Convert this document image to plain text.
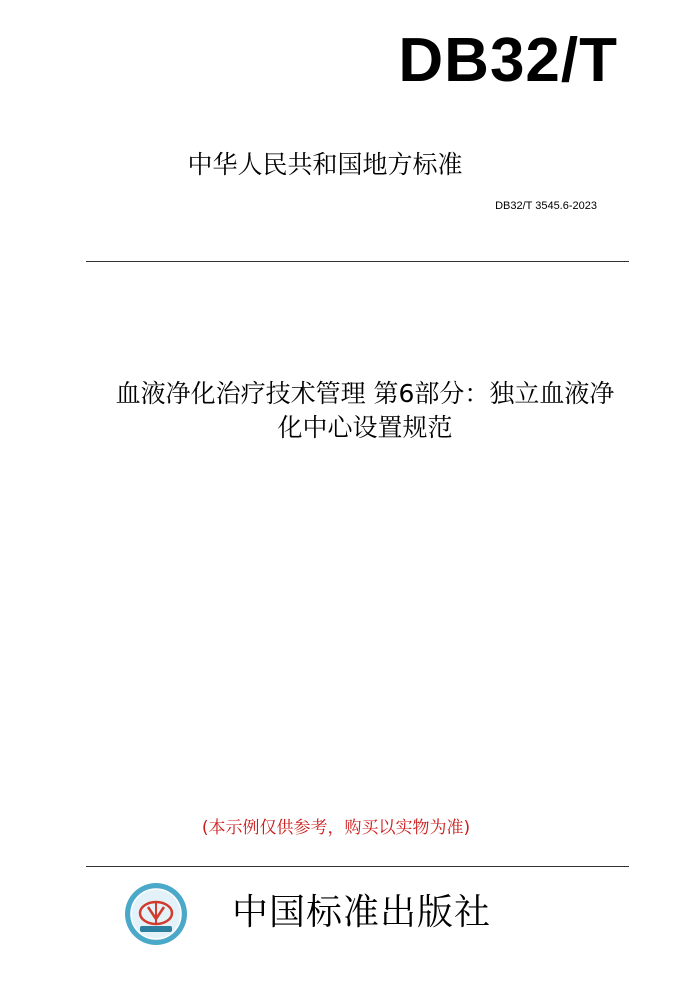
DB32/T
中华人民共和国地方标准
DB32/T 3545.6-2023
血液净化治疗技术管理 第6部分：独立血液净
化中心设置规范
(本示例仅供参考，购买以实物为准)
中国标准出版社
